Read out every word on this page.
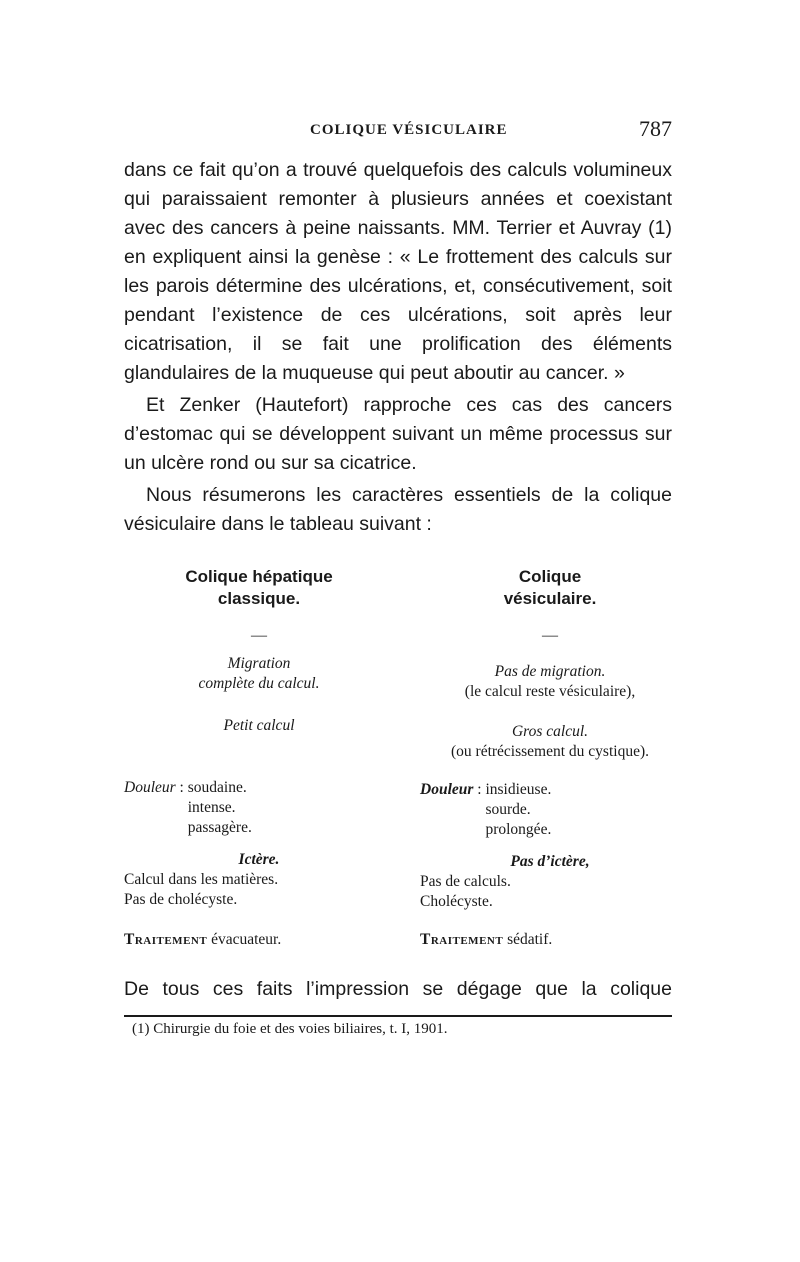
COLIQUE VÉSICULAIRE	787

dans ce fait qu’on a trouvé quelquefois des calculs volumineux qui paraissaient remonter à plusieurs années et coexistant avec des cancers à peine naissants. MM. Terrier et Auvray (1) en expliquent ainsi la genèse : « Le frottement des calculs sur les parois détermine des ulcérations, et, consécutivement, soit pendant l’existence de ces ulcérations, soit après leur cicatrisation, il se fait une prolification des éléments glandulaires de la muqueuse qui peut aboutir au cancer. »

Et Zenker (Hautefort) rapproche ces cas des cancers d’estomac qui se développent suivant un même processus sur un ulcère rond ou sur sa cicatrice.

Nous résumerons les caractères essentiels de la colique vésiculaire dans le tableau suivant :

Colique hépatique
classique.
—
Migration
complète du calcul.
Petit calcul
Douleur : soudaine.
intense.
passagère.
Ictère.
Calcul dans les matières.
Pas de cholécyste.
Traitement évacuateur.
Colique
vésiculaire.
—
Pas de migration.
(le calcul reste vésiculaire),
Gros calcul.
(ou rétrécissement du cystique).
Douleur : insidieuse.
sourde.
prolongée.
Pas d’ictère,
Pas de calculs.
Cholécyste.
Traitement sédatif.
De tous ces faits l’impression se dégage que la colique
(1) Chirurgie du foie et des voies biliaires, t. I, 1901.
